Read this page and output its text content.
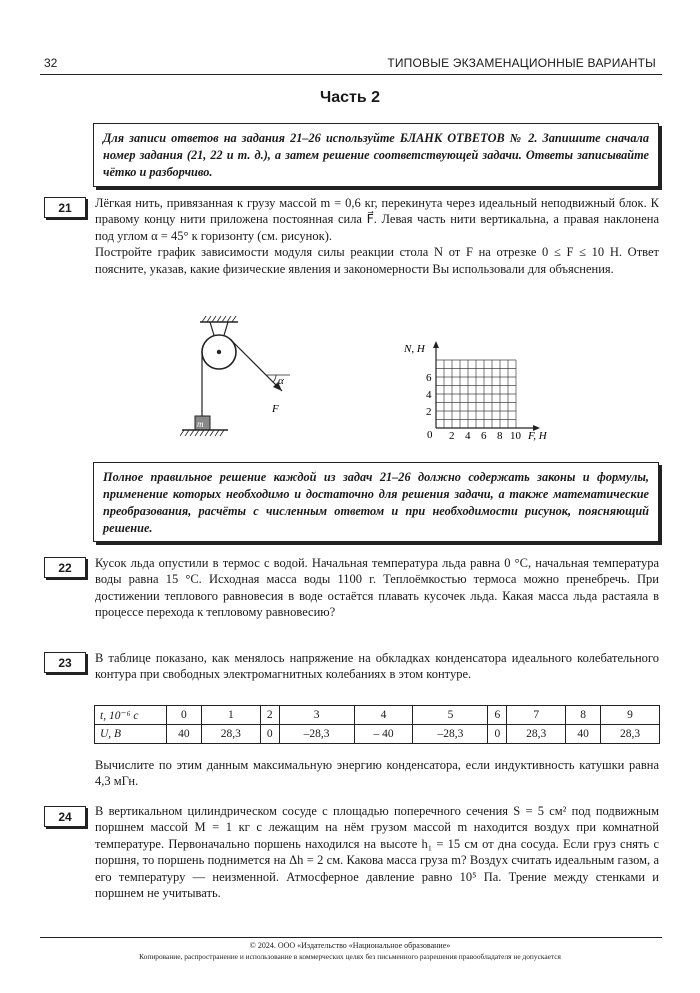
32	ТИПОВЫЕ ЭКЗАМЕНАЦИОННЫЕ ВАРИАНТЫ
Часть 2
Для записи ответов на задания 21–26 используйте БЛАНК ОТВЕТОВ № 2. Запишите сначала номер задания (21, 22 и т. д.), а затем решение соответствующей задачи. Ответы записывайте чётко и разборчиво.
21	Лёгкая нить, привязанная к грузу массой m = 0,6 кг, перекинута через идеальный неподвижный блок. К правому концу нити приложена постоянная сила F⃗. Левая часть нити вертикальна, а правая наклонена под углом α = 45° к горизонту (см. рисунок).

Постройте график зависимости модуля силы реакции стола N от F на отрезке 0 ≤ F ≤ 10 Н. Ответ поясните, указав, какие физические явления и закономерности Вы использовали для объяснения.

α
F⃗
m
N, Н
0
2
4
6
2 4 6 8 10 F, Н
Полное правильное решение каждой из задач 21–26 должно содержать законы и формулы, применение которых необходимо и достаточно для решения задачи, а также математические преобразования, расчёты с численным ответом и при необходимости рисунок, поясняющий решение.
22	Кусок льда опустили в термос с водой. Начальная температура льда равна 0 °С, начальная температура воды равна 15 °С. Исходная масса воды 1100 г. Теплоёмкостью термоса можно пренебречь. При достижении теплового равновесия в воде остаётся плавать кусочек льда. Какая масса льда растаяла в процессе перехода к тепловому равновесию?
23	В таблице показано, как менялось напряжение на обкладках конденсатора идеального колебательного контура при свободных электромагнитных колебаниях в этом контуре.
t, 10⁻⁶ с	0	1	2	3	4	5	6	7	8	9
U, В	40	28,3	0	–28,3	– 40	–28,3	0	28,3	40	28,3
Вычислите по этим данным максимальную энергию конденсатора, если индуктивность катушки равна 4,3 мГн.
24	В вертикальном цилиндрическом сосуде с площадью поперечного сечения S = 5 см² под подвижным поршнем массой M = 1 кг с лежащим на нём грузом массой m находится воздух при комнатной температуре. Первоначально поршень находился на высоте h₁ = 15 см от дна сосуда. Если груз снять с поршня, то поршень поднимется на Δh = 2 см. Какова масса груза m? Воздух считать идеальным газом, а его температуру — неизменной. Атмосферное давление равно 10⁵ Па. Трение между стенками и поршнем не учитывать.
© 2024. ООО «Издательство «Национальное образование»
Копирование, распространение и использование в коммерческих целях без письменного разрешения правообладателя не допускается
